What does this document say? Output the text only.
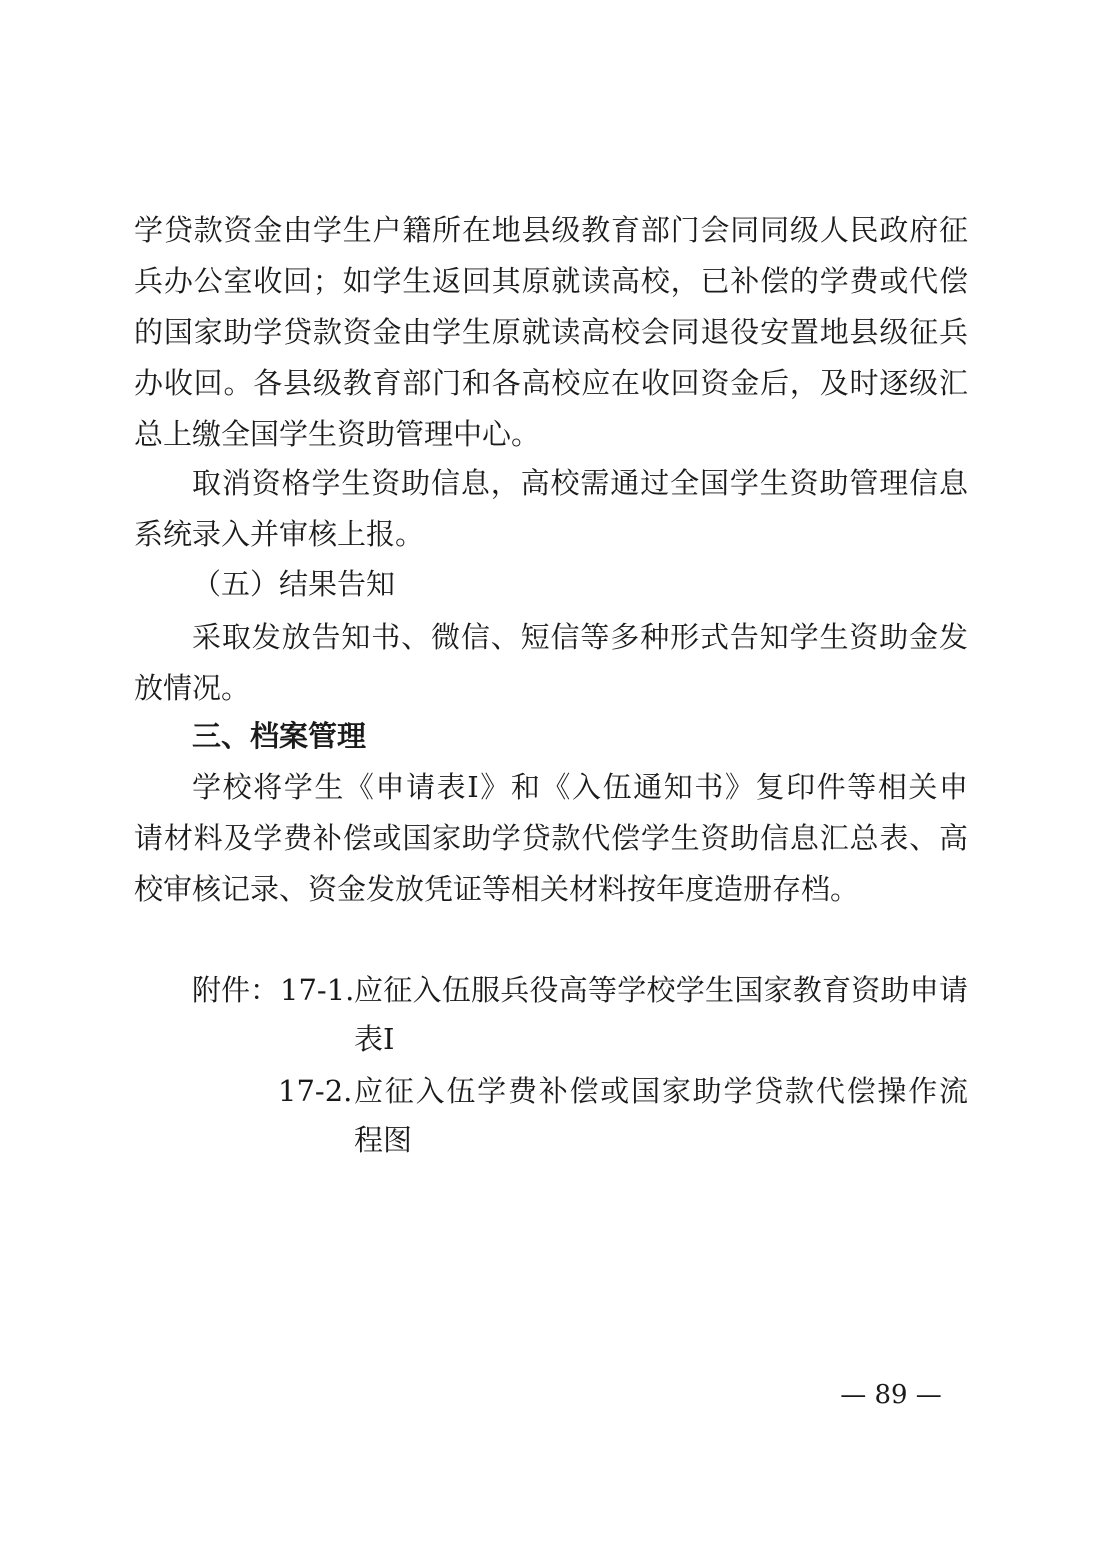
学贷款资金由学生户籍所在地县级教育部门会同同级人民政府征
兵办公室收回；如学生返回其原就读高校，已补偿的学费或代偿
的国家助学贷款资金由学生原就读高校会同退役安置地县级征兵
办收回。各县级教育部门和各高校应在收回资金后，及时逐级汇
总上缴全国学生资助管理中心。
取消资格学生资助信息，高校需通过全国学生资助管理信息
系统录入并审核上报。
（五）结果告知
采取发放告知书、微信、短信等多种形式告知学生资助金发
放情况。
三、档案管理
学校将学生《申请表Ⅰ》和《入伍通知书》复印件等相关申
请材料及学费补偿或国家助学贷款代偿学生资助信息汇总表、高
校审核记录、资金发放凭证等相关材料按年度造册存档。
附件： 17-1. 应征入伍服兵役高等学校学生国家教育资助申请
表Ⅰ
17-2. 应征入伍学费补偿或国家助学贷款代偿操作流
程图
— 89 —
